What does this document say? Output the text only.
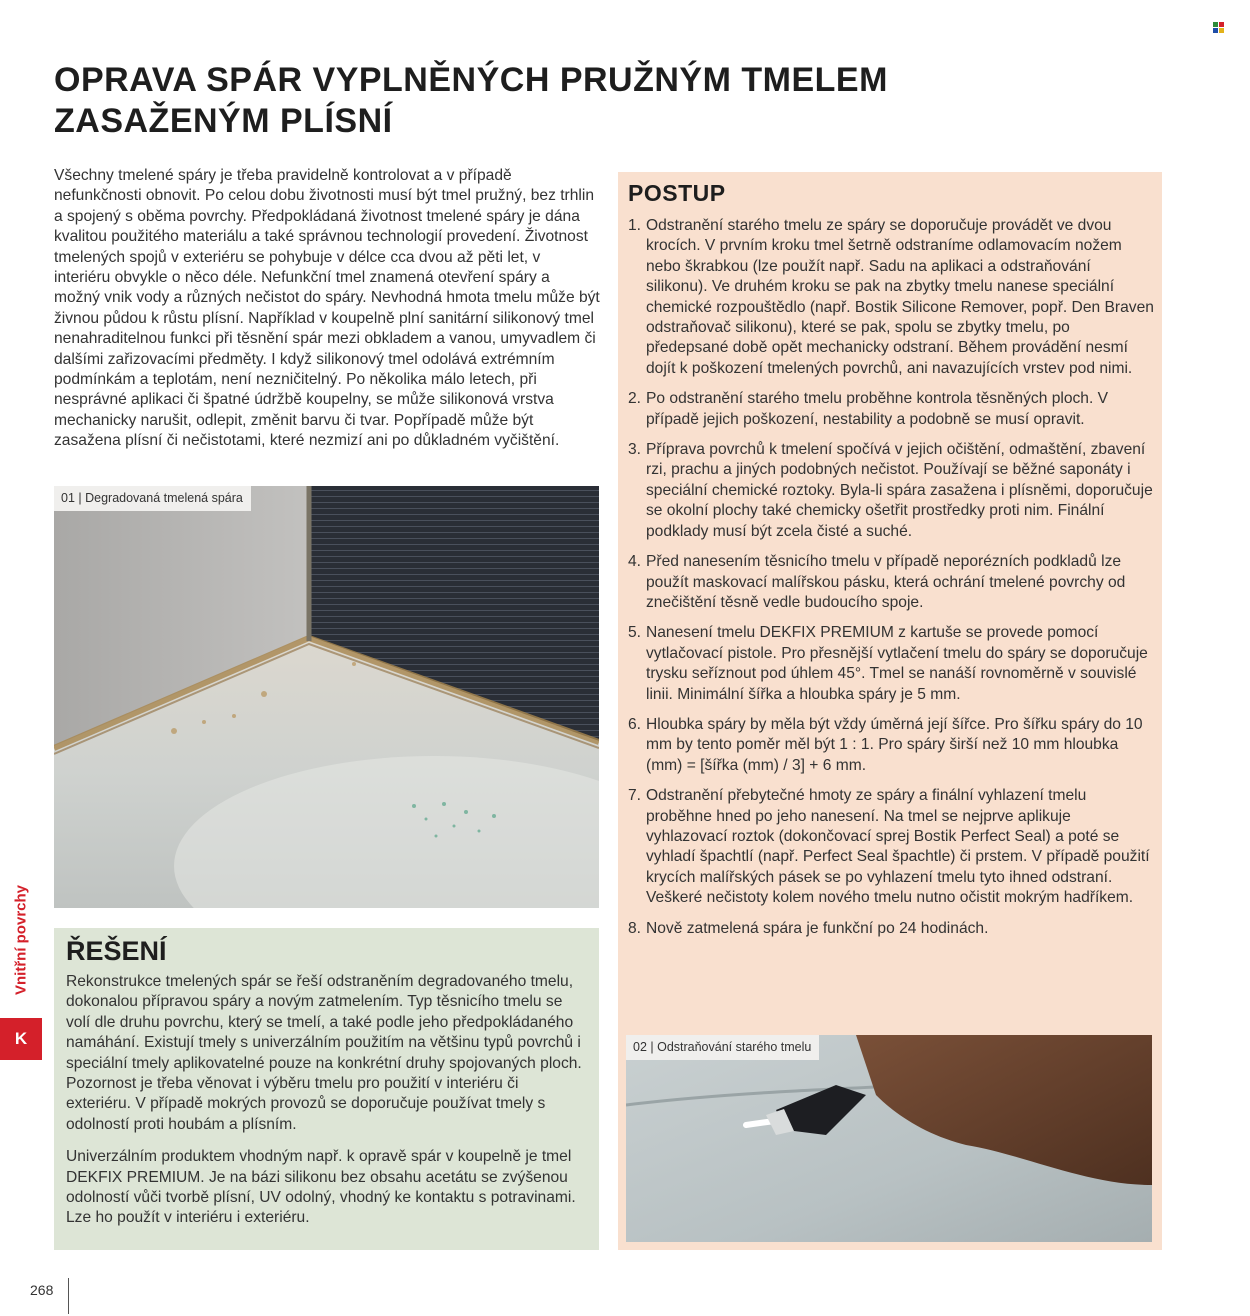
OPRAVA SPÁR VYPLNĚNÝCH PRUŽNÝM TMELEM ZASAŽENÝM PLÍSNÍ

Všechny tmelené spáry je třeba pravidelně kontrolovat a v případě nefunkčnosti obnovit. Po celou dobu životnosti musí být tmel pružný, bez trhlin a spojený s oběma povrchy. Předpokládaná životnost tmelené spáry je dána kvalitou použitého materiálu a také správnou technologií provedení. Životnost tmelených spojů v exteriéru se pohybuje v délce cca dvou až pěti let, v interiéru obvykle o něco déle. Nefunkční tmel znamená otevření spáry a možný vnik vody a různých nečistot do spáry. Nevhodná hmota tmelu může být živnou půdou k růstu plísní. Například v koupelně plní sanitární silikonový tmel nenahraditelnou funkci při těsnění spár mezi obkladem a vanou, umyvadlem či dalšími zařizovacími předměty. I když silikonový tmel odolává extrémním podmínkám a teplotám, není nezničitelný. Po několika málo letech, při nesprávné aplikaci či špatné údržbě koupelny, se může silikonová vrstva mechanicky narušit, odlepit, změnit barvu či tvar. Popřípadě může být zasažena plísní či nečistotami, které nezmizí ani po důkladném vyčištění.

01 | Degradovaná tmelená spára
ŘEŠENÍ

Rekonstrukce tmelených spár se řeší odstraněním degradovaného tmelu, dokonalou přípravou spáry a novým zatmelením. Typ těsnicího tmelu se volí dle druhu povrchu, který se tmelí, a také podle jeho předpokládaného namáhání. Existují tmely s univerzálním použitím na většinu typů povrchů i speciální tmely aplikovatelné pouze na konkrétní druhy spojovaných ploch. Pozornost je třeba věnovat i výběru tmelu pro použití v interiéru či exteriéru. V případě mokrých provozů se doporučuje používat tmely s odolností proti houbám a plísním.

Univerzálním produktem vhodným např. k opravě spár v koupelně je tmel DEKFIX PREMIUM. Je na bázi silikonu bez obsahu acetátu se zvýšenou odolností vůči tvorbě plísní, UV odolný, vhodný ke kontaktu s potravinami. Lze ho použít v interiéru i exteriéru.

POSTUP
1. Odstranění starého tmelu ze spáry se doporučuje provádět ve dvou krocích. V prvním kroku tmel šetrně odstraníme odlamovacím nožem nebo škrabkou (lze použít např. Sadu na aplikaci a odstraňování silikonu). Ve druhém kroku se pak na zbytky tmelu nanese speciální chemické rozpouštědlo (např. Bostik Silicone Remover, popř. Den Braven odstraňovač silikonu), které se pak, spolu se zbytky tmelu, po předepsané době opět mechanicky odstraní. Během provádění nesmí dojít k poškození tmelených povrchů, ani navazujících vrstev pod nimi.
2. Po odstranění starého tmelu proběhne kontrola těsněných ploch. V případě jejich poškození, nestability a podobně se musí opravit.
3. Příprava povrchů k tmelení spočívá v jejich očištění, odmaštění, zbavení rzi, prachu a jiných podobných nečistot. Používají se běžné saponáty i speciální chemické roztoky. Byla-li spára zasažena i plísněmi, doporučuje se okolní plochy také chemicky ošetřit prostředky proti nim. Finální podklady musí být zcela čisté a suché.
4. Před nanesením těsnicího tmelu v případě neporézních podkladů lze použít maskovací malířskou pásku, která ochrání tmelené povrchy od znečištění těsně vedle budoucího spoje.
5. Nanesení tmelu DEKFIX PREMIUM z kartuše se provede pomocí vytlačovací pistole. Pro přesnější vytlačení tmelu do spáry se doporučuje trysku seříznout pod úhlem 45°. Tmel se nanáší rovnoměrně v souvislé linii. Minimální šířka a hloubka spáry je 5 mm.
6. Hloubka spáry by měla být vždy úměrná její šířce. Pro šířku spáry do 10 mm by tento poměr měl být 1 : 1. Pro spáry širší než 10 mm hloubka (mm) = [šířka (mm) / 3] + 6 mm.
7. Odstranění přebytečné hmoty ze spáry a finální vyhlazení tmelu proběhne hned po jeho nanesení. Na tmel se nejprve aplikuje vyhlazovací roztok (dokončovací sprej Bostik Perfect Seal) a poté se vyhladí špachtlí (např. Perfect Seal špachtle) či prstem. V případě použití krycích malířských pásek se po vyhlazení tmelu tyto ihned odstraní. Veškeré nečistoty kolem nového tmelu nutno očistit mokrým hadříkem.
8. Nově zatmelená spára je funkční po 24 hodinách.
02 | Odstraňování starého tmelu
Vnitřní povrchy
K
268
